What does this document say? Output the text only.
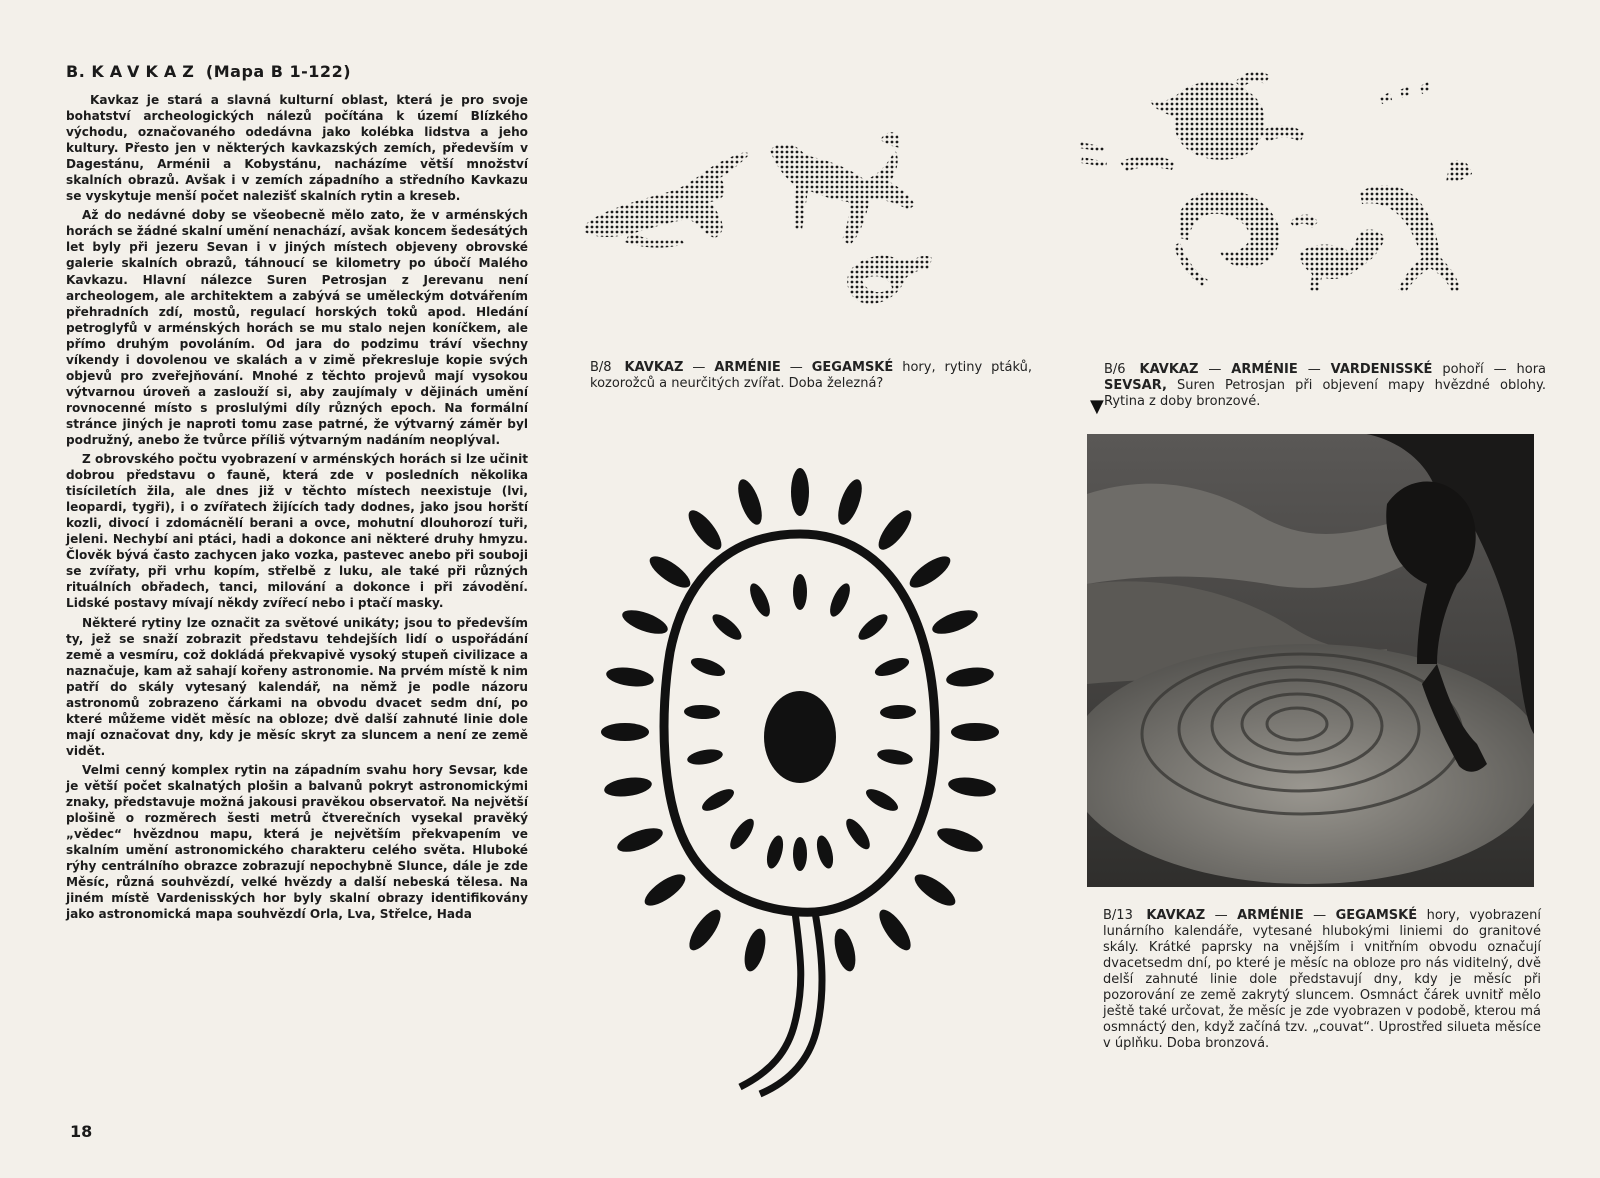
B. KAVKAZ (Mapa B 1-122)

Kavkaz je stará a slavná kulturní oblast, která je pro svoje bohatství archeologických nálezů počítána k území Blízkého východu, označovaného odedávna jako kolébka lidstva a jeho kultury. Přesto jen v některých kavkazských zemích, především v Dagestánu, Arménii a Kobystánu, nacházíme větší množství skalních obrazů. Avšak i v zemích západního a středního Kavkazu se vyskytuje menší počet nalezišť skalních rytin a kreseb.

Až do nedávné doby se všeobecně mělo zato, že v arménských horách se žádné skalní umění nenachází, avšak koncem šedesátých let byly při jezeru Sevan i v jiných místech objeveny obrovské galerie skalních obrazů, táhnoucí se kilometry po úbočí Malého Kavkazu. Hlavní nálezce Suren Petrosjan z Jerevanu není archeologem, ale architektem a zabývá se uměleckým dotvářením přehradních zdí, mostů, regulací horských toků apod. Hledání petroglyfů v arménských horách se mu stalo nejen koníčkem, ale přímo druhým povoláním. Od jara do podzimu tráví všechny víkendy i dovolenou ve skalách a v zimě překresluje kopie svých objevů pro zveřejňování. Mnohé z těchto projevů mají vysokou výtvarnou úroveň a zaslouží si, aby zaujímaly v dějinách umění rovnocenné místo s proslulými díly různých epoch. Na formální stránce jiných je naproti tomu zase patrné, že výtvarný záměr byl podružný, anebo že tvůrce příliš výtvarným nadáním neoplýval.

Z obrovského počtu vyobrazení v arménských horách si lze učinit dobrou představu o fauně, která zde v posledních několika tisíciletích žila, ale dnes již v těchto místech neexistuje (lvi, leopardi, tygři), i o zvířatech žijících tady dodnes, jako jsou horští kozli, divocí i zdomácnělí berani a ovce, mohutní dlouhorozí tuři, jeleni. Nechybí ani ptáci, hadi a dokonce ani některé druhy hmyzu. Člověk bývá často zachycen jako vozka, pastevec anebo při souboji se zvířaty, při vrhu kopím, střelbě z luku, ale také při různých rituálních obřadech, tanci, milování a dokonce i při závodění. Lidské postavy mívají někdy zvířecí nebo i ptačí masky.

Některé rytiny lze označit za světové unikáty; jsou to především ty, jež se snaží zobrazit představu tehdejších lidí o uspořádání země a vesmíru, což dokládá překvapivě vysoký stupeň civilizace a naznačuje, kam až sahají kořeny astronomie. Na prvém místě k nim patří do skály vytesaný kalendář, na němž je podle názoru astronomů zobrazeno čárkami na obvodu dvacet sedm dní, po které můžeme vidět měsíc na obloze; dvě další zahnuté linie dole mají označovat dny, kdy je měsíc skryt za sluncem a není ze země vidět.

Velmi cenný komplex rytin na západním svahu hory Sevsar, kde je větší počet skalnatých plošin a balvanů pokryt astronomickými znaky, představuje možná jakousi pravěkou observatoř. Na největší plošině o rozměrech šesti metrů čtverečních vysekal pravěký „vědec“ hvězdnou mapu, která je největším překvapením ve skalním umění astronomického charakteru celého světa. Hluboké rýhy centrálního obrazce zobrazují nepochybně Slunce, dále je zde Měsíc, různá souhvězdí, velké hvězdy a další nebeská tělesa. Na jiném místě Vardenisských hor byly skalní obrazy identifikovány jako astronomická mapa souhvězdí Orla, Lva, Střelce, Hada

18
B/8 KAVKAZ — ARMÉNIE — GEGAMSKÉ hory, rytiny ptáků, kozorožců a neurčitých zvířat. Doba železná?
B/6 KAVKAZ — ARMÉNIE — VARDENISSKÉ pohoří — hora SEVSAR, Suren Petrosjan při objevení mapy hvězdné oblohy. Rytina z doby bronzové.
▼
B/13 KAVKAZ — ARMÉNIE — GEGAMSKÉ hory, vyobrazení lunárního kalendáře, vytesané hlubokými liniemi do granitové skály. Krátké paprsky na vnějším i vnitřním obvodu označují dvacetsedm dní, po které je měsíc na obloze pro nás viditelný, dvě delší zahnuté linie dole představují dny, kdy je měsíc při pozorování ze země zakrytý sluncem. Osmnáct čárek uvnitř mělo ještě také určovat, že měsíc je zde vyobrazen v podobě, kterou má osmnáctý den, když začíná tzv. „couvat“. Uprostřed silueta měsíce v úplňku. Doba bronzová.
